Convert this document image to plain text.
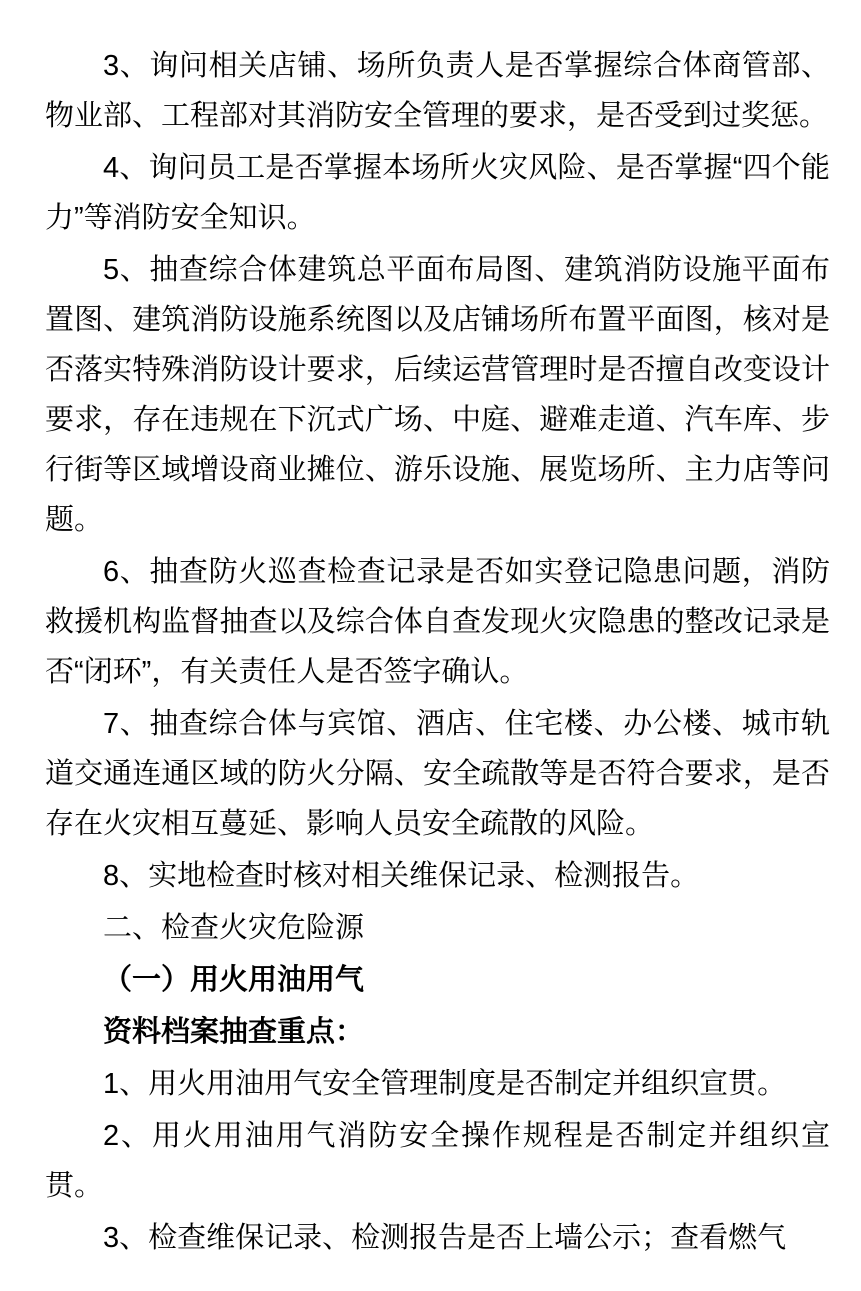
3、询问相关店铺、场所负责人是否掌握综合体商管部、物业部、工程部对其消防安全管理的要求，是否受到过奖惩。

4、询问员工是否掌握本场所火灾风险、是否掌握“四个能力”等消防安全知识。

5、抽查综合体建筑总平面布局图、建筑消防设施平面布置图、建筑消防设施系统图以及店铺场所布置平面图，核对是否落实特殊消防设计要求，后续运营管理时是否擅自改变设计要求，存在违规在下沉式广场、中庭、避难走道、汽车库、步行街等区域增设商业摊位、游乐设施、展览场所、主力店等问题。

6、抽查防火巡查检查记录是否如实登记隐患问题，消防救援机构监督抽查以及综合体自查发现火灾隐患的整改记录是否“闭环”，有关责任人是否签字确认。

7、抽查综合体与宾馆、酒店、住宅楼、办公楼、城市轨道交通连通区域的防火分隔、安全疏散等是否符合要求，是否存在火灾相互蔓延、影响人员安全疏散的风险。

8、实地检查时核对相关维保记录、检测报告。

二、检查火灾危险源

（一）用火用油用气

资料档案抽查重点：

1、用火用油用气安全管理制度是否制定并组织宣贯。

2、用火用油用气消防安全操作规程是否制定并组织宣贯。

3、检查维保记录、检测报告是否上墙公示；查看燃气
